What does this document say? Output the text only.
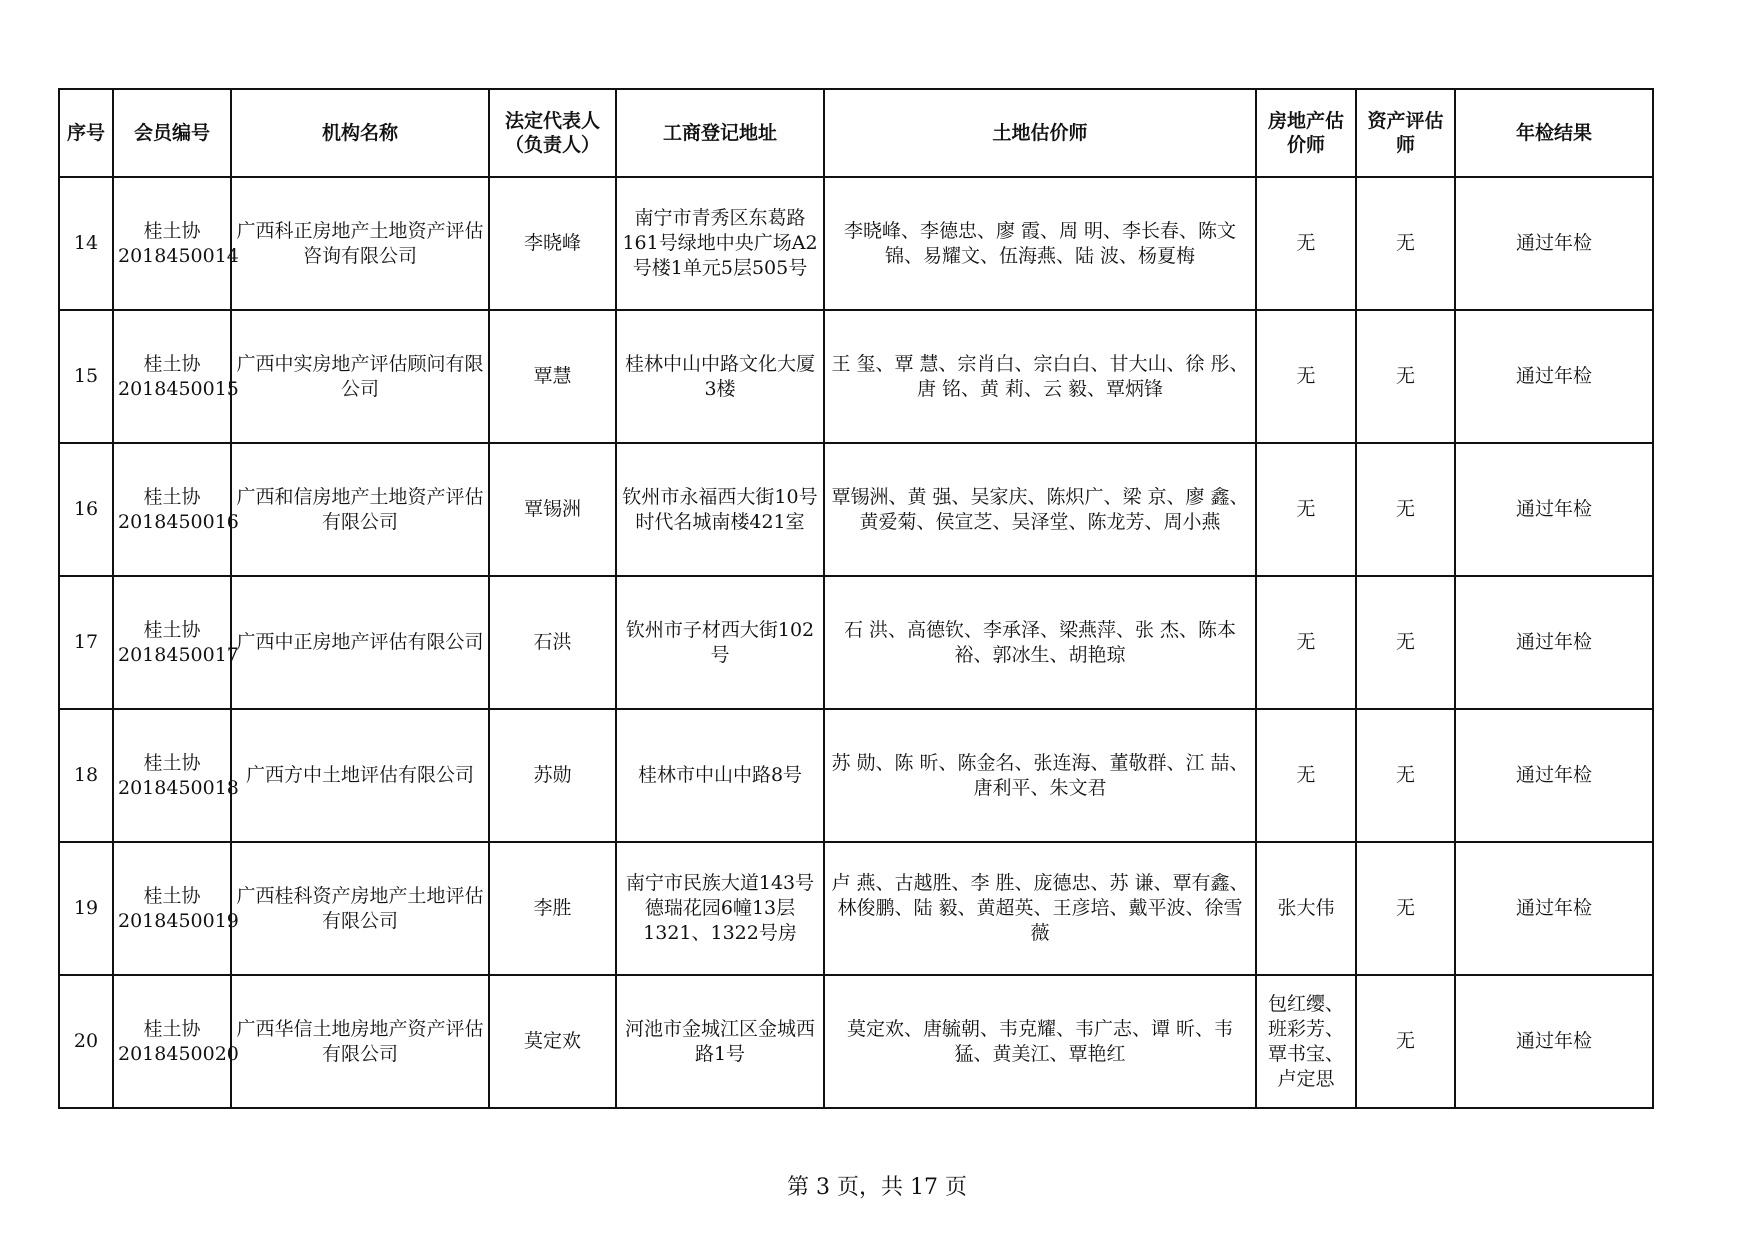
序号	会员编号	机构名称	法定代表人（负责人）	工商登记地址	土地估价师	房地产估价师	资产评估师	年检结果
14	桂土协2018450014	广西科正房地产土地资产评估咨询有限公司	李晓峰	南宁市青秀区东葛路161号绿地中央广场A2号楼1单元5层505号	李晓峰、李德忠、廖 霞、周 明、李长春、陈文锦、易耀文、伍海燕、陆 波、杨夏梅	无	无	通过年检
15	桂土协2018450015	广西中实房地产评估顾问有限公司	覃慧	桂林中山中路文化大厦3楼	王 玺、覃 慧、宗肖白、宗白白、甘大山、徐 彤、唐 铭、黄 莉、云 毅、覃炳锋	无	无	通过年检
16	桂土协2018450016	广西和信房地产土地资产评估有限公司	覃锡洲	钦州市永福西大街10号时代名城南楼421室	覃锡洲、黄 强、吴家庆、陈炽广、梁 京、廖 鑫、黄爱菊、侯宣芝、吴泽堂、陈龙芳、周小燕	无	无	通过年检
17	桂土协2018450017	广西中正房地产评估有限公司	石洪	钦州市子材西大街102号	石 洪、高德钦、李承泽、梁燕萍、张 杰、陈本裕、郭冰生、胡艳琼	无	无	通过年检
18	桂土协2018450018	广西方中土地评估有限公司	苏勋	桂林市中山中路8号	苏 勋、陈 昕、陈金名、张连海、董敬群、江 喆、唐利平、朱文君	无	无	通过年检
19	桂土协2018450019	广西桂科资产房地产土地评估有限公司	李胜	南宁市民族大道143号德瑞花园6幢13层1321、1322号房	卢 燕、古越胜、李 胜、庞德忠、苏 谦、覃有鑫、林俊鹏、陆 毅、黄超英、王彦培、戴平波、徐雪薇	张大伟	无	通过年检
20	桂土协2018450020	广西华信土地房地产资产评估有限公司	莫定欢	河池市金城江区金城西路1号	莫定欢、唐毓朝、韦克耀、韦广志、谭 昕、韦 猛、黄美江、覃艳红	包红缨、班彩芳、覃书宝、卢定思	无	通过年检
第 3 页，共 17 页
